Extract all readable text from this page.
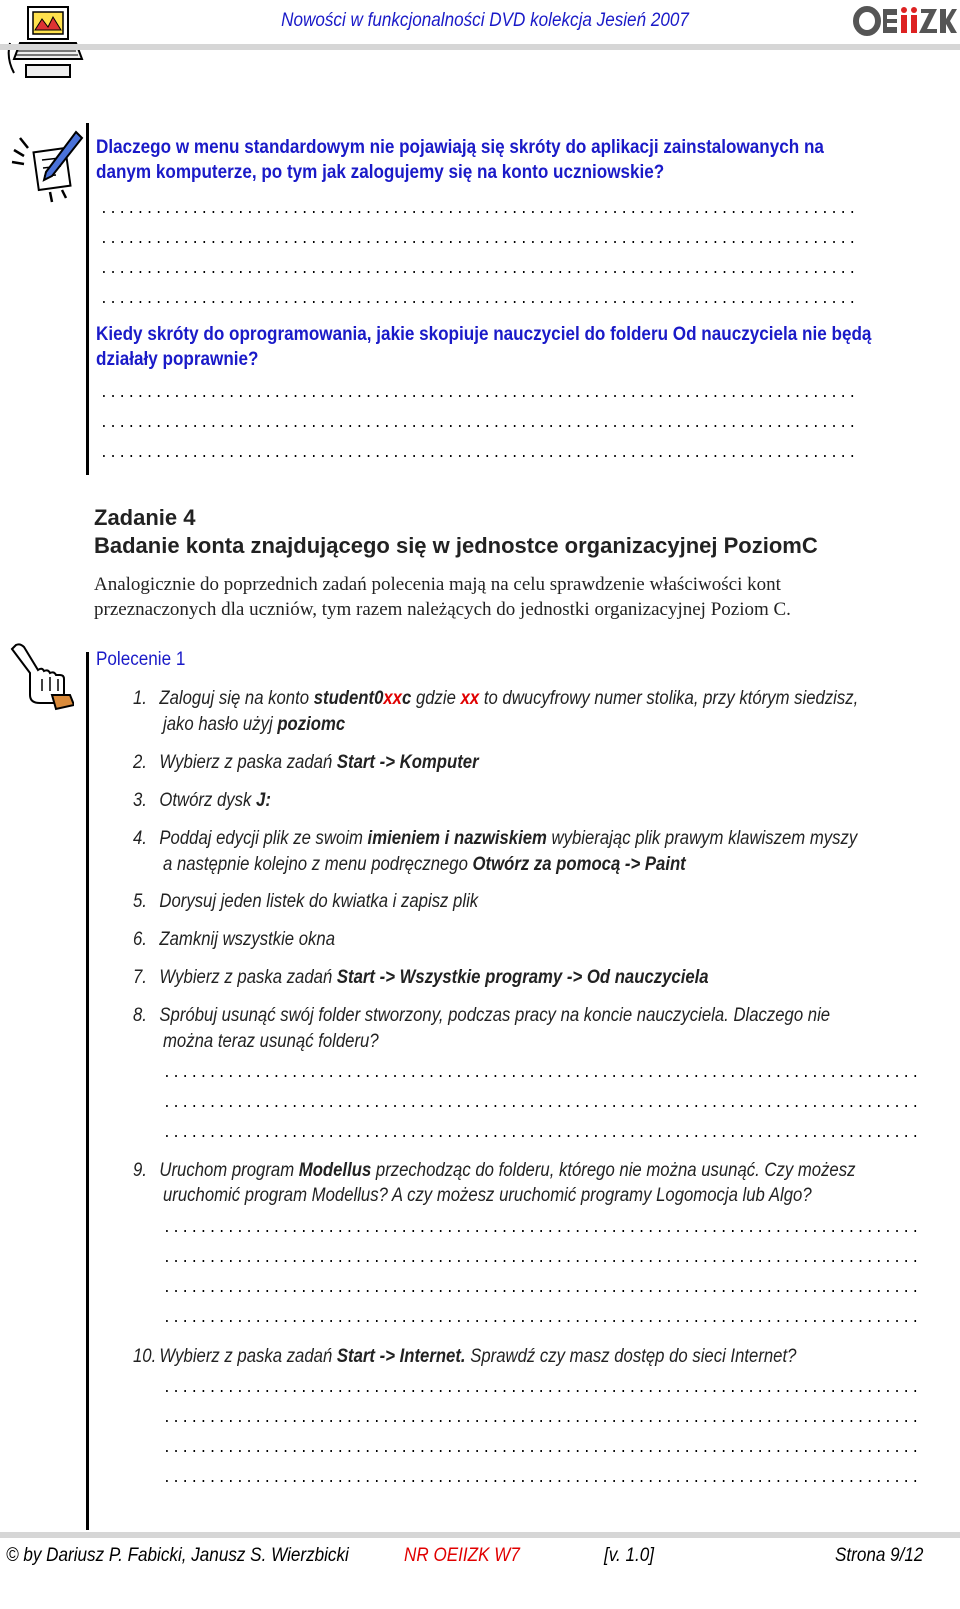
Nowości w funkcjonalności DVD kolekcja Jesień 2007
Dlaczego w menu standardowym nie pojawiają się skróty do aplikacji zainstalowanych na
danym komputerze, po tym jak zalogujemy się na konto uczniowskie?
...................................................................................
...................................................................................
...................................................................................
...................................................................................
Kiedy skróty do oprogramowania, jakie skopiuje nauczyciel do folderu Od nauczyciela nie będą
działały poprawnie?
...................................................................................
...................................................................................
...................................................................................
Zadanie 4
Badanie konta znajdującego się w jednostce organizacyjnej PoziomC
Analogicznie do poprzednich zadań polecenia mają na celu sprawdzenie właściwości kont
przeznaczonych dla uczniów, tym razem należących do jednostki organizacyjnej Poziom C.
Polecenie 1
1. Zaloguj się na konto student0xxc gdzie xx to dwucyfrowy numer stolika, przy którym siedzisz,
jako hasło użyj poziomc
2. Wybierz z paska zadań Start -> Komputer
3. Otwórz dysk J:
4. Poddaj edycji plik ze swoim imieniem i nazwiskiem wybierając plik prawym klawiszem myszy
a następnie kolejno z menu podręcznego Otwórz za pomocą -> Paint
5. Dorysuj jeden listek do kwiatka i zapisz plik
6. Zamknij wszystkie okna
7. Wybierz z paska zadań Start -> Wszystkie programy -> Od nauczyciela
8. Spróbuj usunąć swój folder stworzony, podczas pracy na koncie nauczyciela. Dlaczego nie
można teraz usunąć folderu?
...................................................................................
...................................................................................
...................................................................................
9. Uruchom program Modellus przechodząc do folderu, którego nie można usunąć. Czy możesz
uruchomić program Modellus? A czy możesz uruchomić programy Logomocja lub Algo?
...................................................................................
...................................................................................
...................................................................................
...................................................................................
10. Wybierz z paska zadań Start -> Internet. Sprawdź czy masz dostęp do sieci Internet?
...................................................................................
...................................................................................
...................................................................................
...................................................................................
© by Dariusz P. Fabicki, Janusz S. Wierzbicki	NR OEIIZK W7	[v. 1.0]	Strona 9/12
